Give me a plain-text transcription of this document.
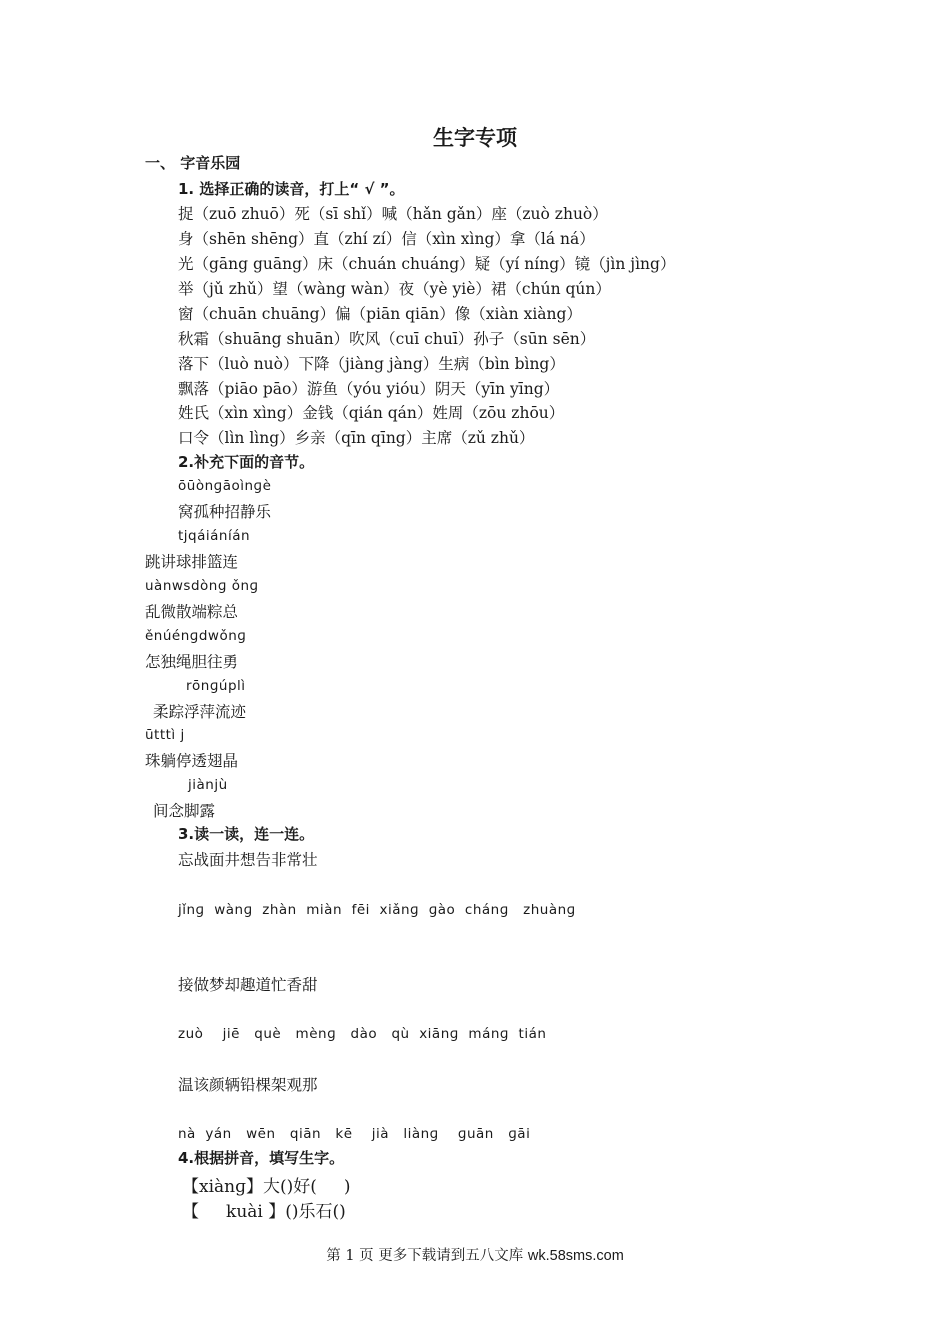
生字专项
一、 字音乐园
1. 选择正确的读音，打上“ √ ”。
捉（zuō zhuō）死（sī shǐ）喊（hǎn gǎn）座（zuò zhuò）
身（shēn shēng）直（zhí zí）信（xìn xìng）拿（lá ná）
光（gāng guāng）床（chuán chuáng）疑（yí níng）镜（jìn jìng）
举（jǔ zhǔ）望（wàng wàn）夜（yè yiè）裙（chún qún）
窗（chuān chuāng）偏（piān qiān）像（xiàn xiàng）
秋霜（shuāng shuān）吹风（cuī chuī）孙子（sūn sēn）
落下（luò nuò）下降（jiàng jàng）生病（bìn bìng）
飘落（piāo pāo）游鱼（yóu yióu）阴天（yīn yīng）
姓氏（xìn xìng）金钱（qián qán）姓周（zōu zhōu）
口令（lìn lìng）乡亲（qīn qīng）主席（zǔ zhǔ）
2.补充下面的音节。
ōūònɡāoìnɡè
窝孤种招静乐
tjqáiáníán
跳讲球排篮连
uànwsdònɡ ǒnɡ
乱微散端粽总
ěnúénɡdwǒnɡ
怎独绳胆往勇
rōnɡúplì
柔踪浮萍流迹
ūtttì j
珠躺停透翅晶
jiànjù
间念脚露
3.读一读，连一连。
忘战面井想告非常壮
jǐnɡ  wànɡ  zhàn  miàn  fēi  xiǎnɡ  ɡào  chánɡ   zhuànɡ
接做梦却趣道忙香甜
zuò    jiē   què   mènɡ   dào   qù  xiānɡ  mánɡ  tián
温该颜辆铅棵架观那
nà  yán   wēn   qiān   kē    jià   liànɡ    ɡuān   ɡāi
4.根据拼音，填写生字。
【xiànɡ】大()好(     )
【     kuài 】()乐石()
第 1 页 更多下载请到五八文库 wk.58sms.com
